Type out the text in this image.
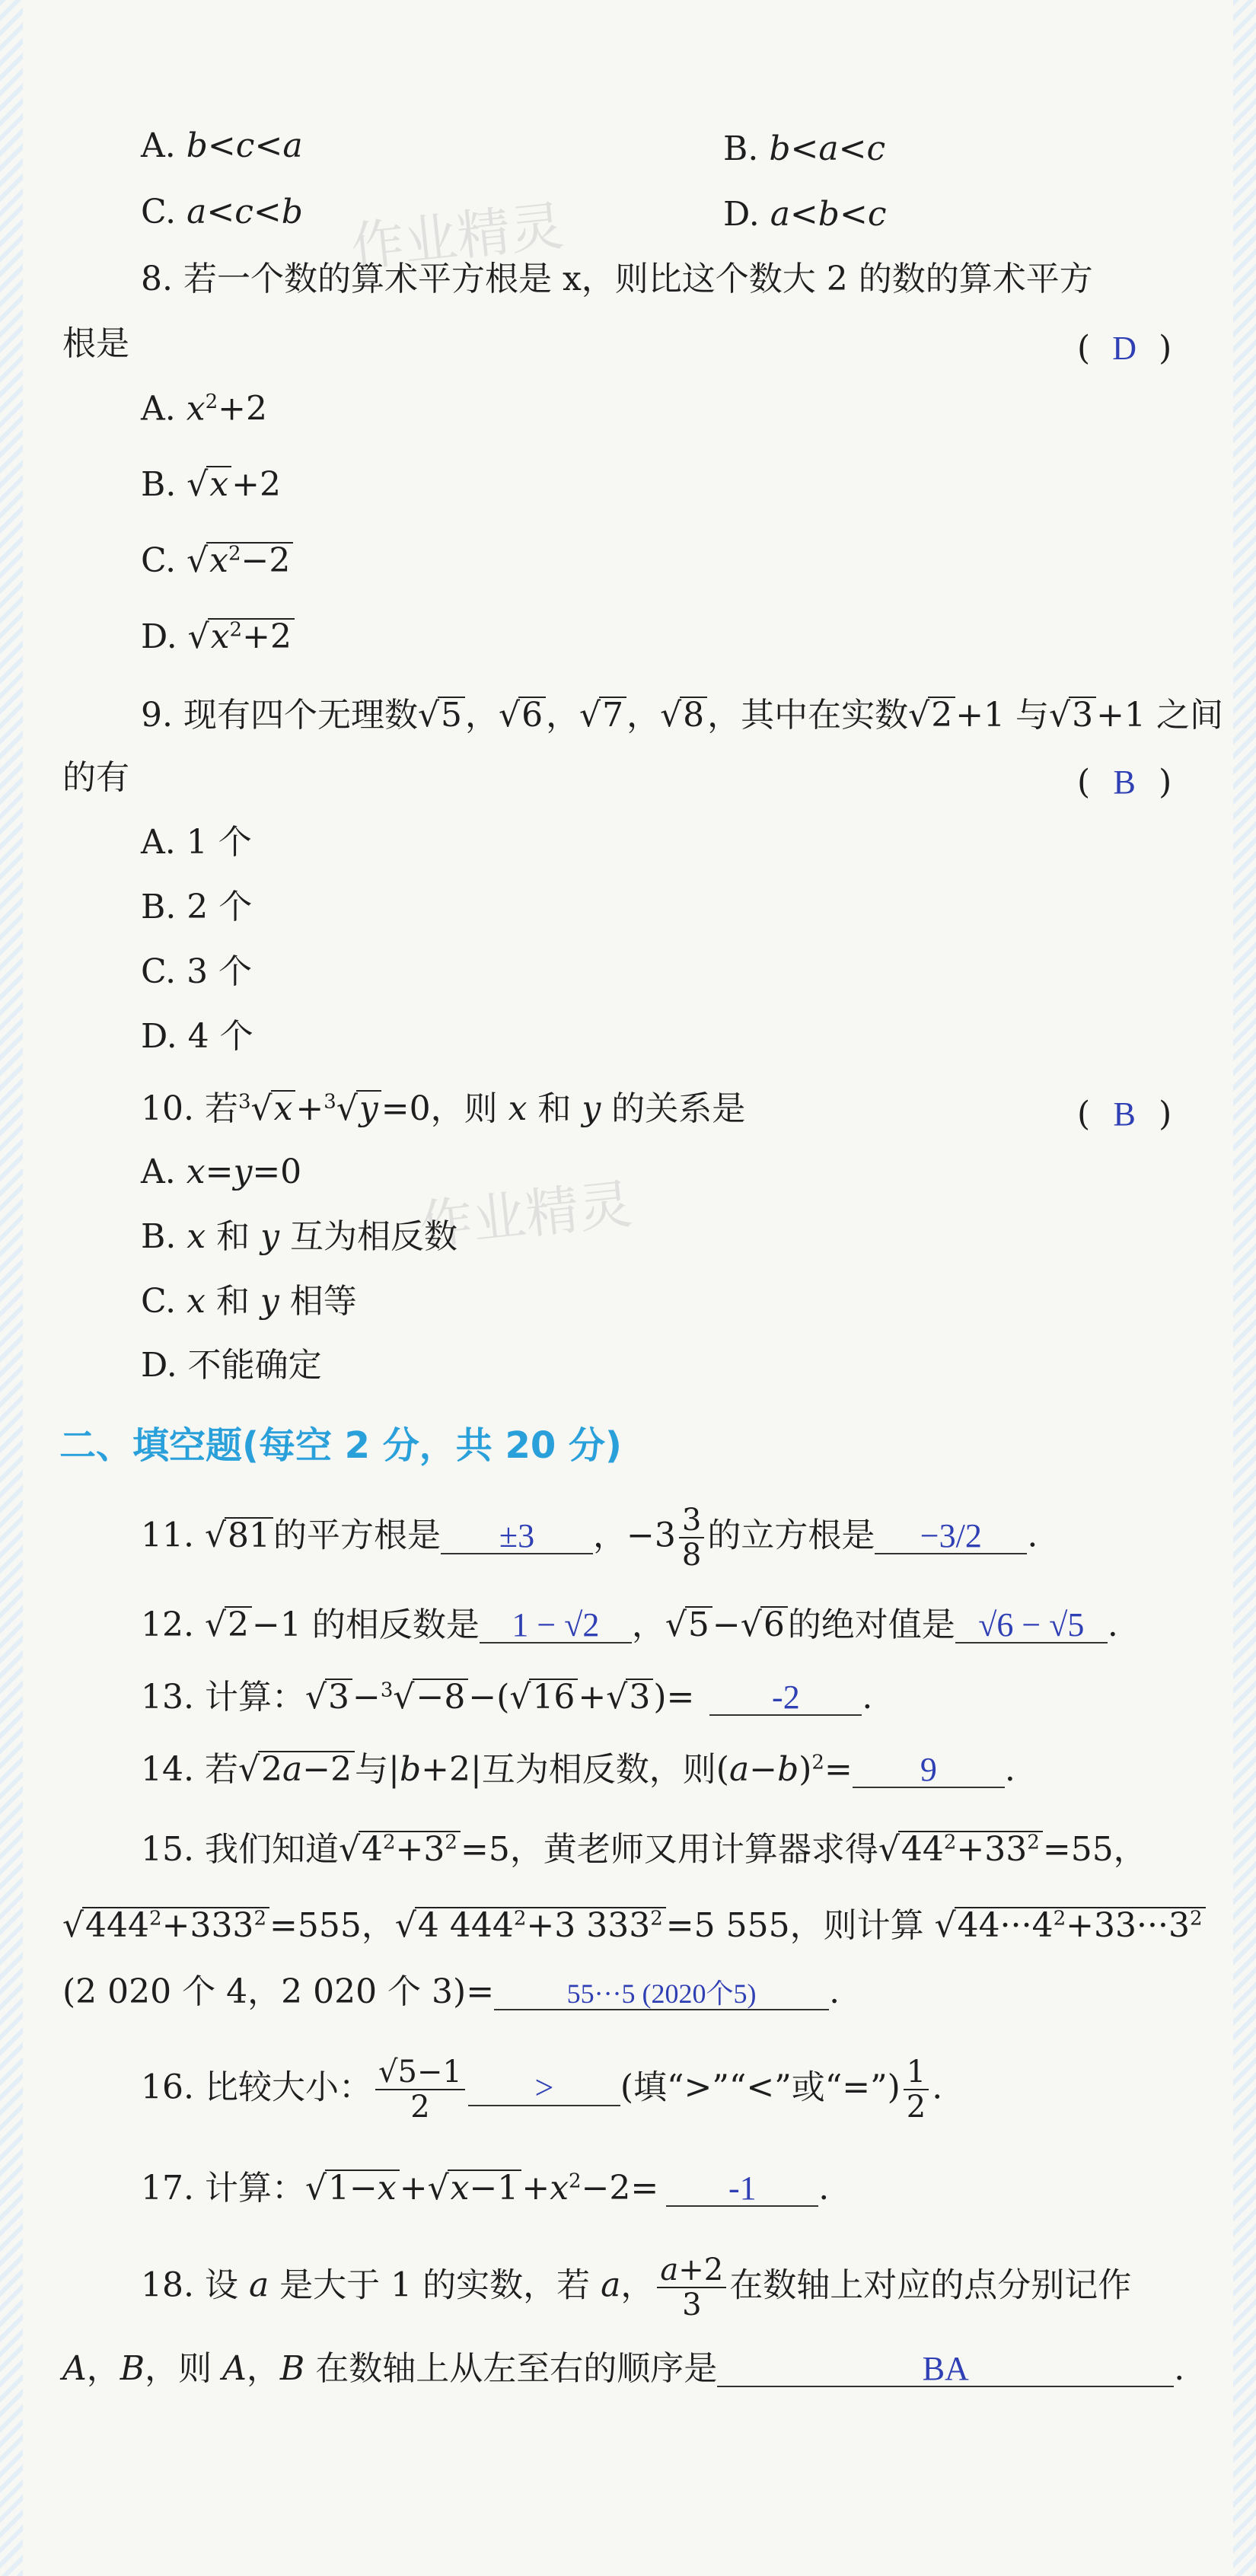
作业精灵
作业精灵
A. b<c<a	B. b<a<c
C. a<c<b	D. a<b<c
8. 若一个数的算术平方根是 x，则比这个数大 2 的数的算术平方
根是	( D )
A. $x^2+2$
B. √x+2
C. $√x^2-2$
D. $√x^2+2$
9. 现有四个无理数√5，√6，√7，√8，其中在实数√2+1 与√3+1 之间
的有	( B )
A. 1 个
B. 2 个
C. 3 个
D. 4 个
10. 若$^3$√x+$^3$√y=0，则 x 和 y 的关系是	( B )
A. x=y=0
B. x 和 y 互为相反数
C. x 和 y 相等
D. 不能确定
二、填空题(每空 2 分，共 20 分)
11. √81的平方根是 ±3 ，$-3 \frac{3}{8}$ 的立方根是 −3/2 .
12. √2−1 的相反数是 1 − √2 ，√5−√6的绝对值是 √6 − √5 .
13. 计算：√3−$^3$√−8−(√16+√3)= -2 .
14. 若√2a−2与|b+2|互为相反数，则$(a-b)^2= 9$ .
15. 我们知道$√4^2+3^2=5$，黄老师又用计算器求得$√44^2+33^2=55$，
$√444^2+333^2=555$，√4 $444^2+3$ $333^2=5$ 555，则计算 $√44\cdot\cdot\cdot 4^2+33\cdot\cdot\cdot 3^2$
(2 020 个 4，2 020 个 3)=	55···5 (2020个5) .
16. 比较大小： $\frac{√5-1}{2}$ > (填“>”“<”或“=”) $\frac{1}{2}$ .
17. 计算：$√1-x+√x-1+x^2-2= -1$ .
18. 设 a 是大于 1 的实数，若 a， $\frac{a+2}{3}$ 在数轴上对应的点分别记作
A，B，则 A，B 在数轴上从左至右的顺序是	BA	.
